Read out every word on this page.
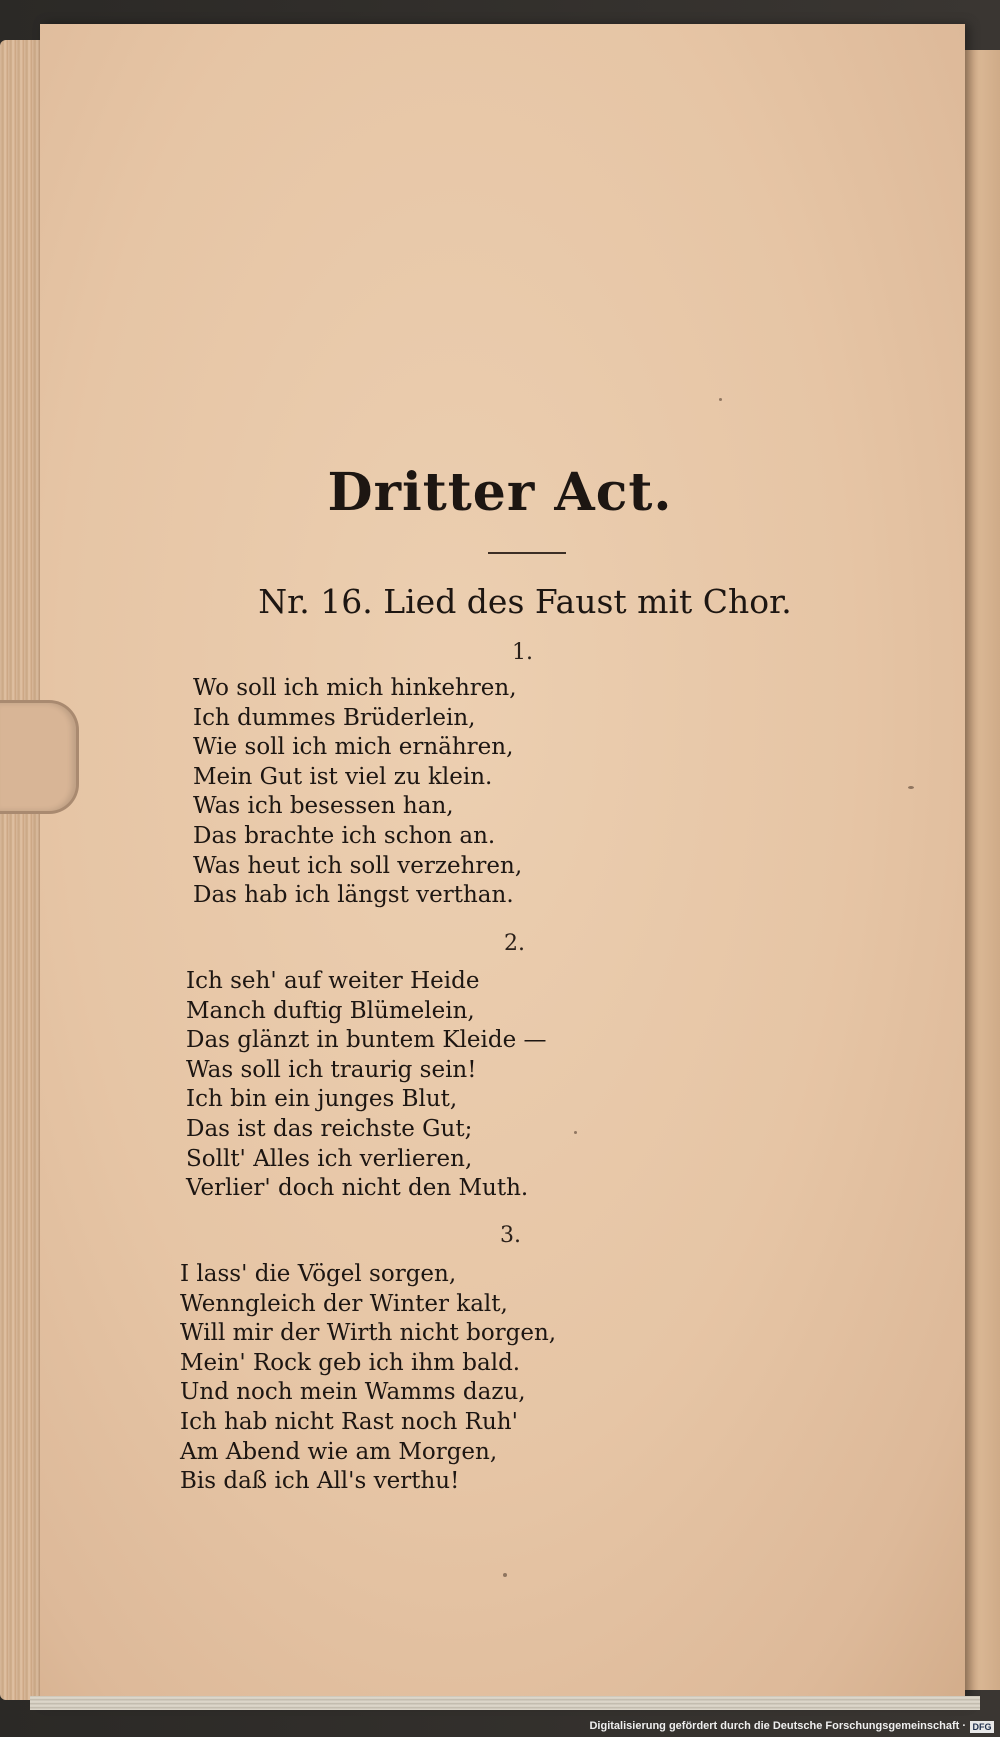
Dritter Act.
Nr. 16. Lied des Faust mit Chor.
1.
Wo soll ich mich hinkehren,
Ich dummes Brüderlein,
Wie soll ich mich ernähren,
Mein Gut ist viel zu klein.
Was ich besessen han,
Das brachte ich schon an.
Was heut ich soll verzehren,
Das hab ich längst verthan.
2.
Ich seh' auf weiter Heide
Manch duftig Blümelein,
Das glänzt in buntem Kleide —
Was soll ich traurig sein!
Ich bin ein junges Blut,
Das ist das reichste Gut;
Sollt' Alles ich verlieren,
Verlier' doch nicht den Muth.
3.
I lass' die Vögel sorgen,
Wenngleich der Winter kalt,
Will mir der Wirth nicht borgen,
Mein' Rock geb ich ihm bald.
Und noch mein Wamms dazu,
Ich hab nicht Rast noch Ruh'
Am Abend wie am Morgen,
Bis daß ich All's verthu!
Digitalisierung gefördert durch die Deutsche Forschungsgemeinschaft · DFG
